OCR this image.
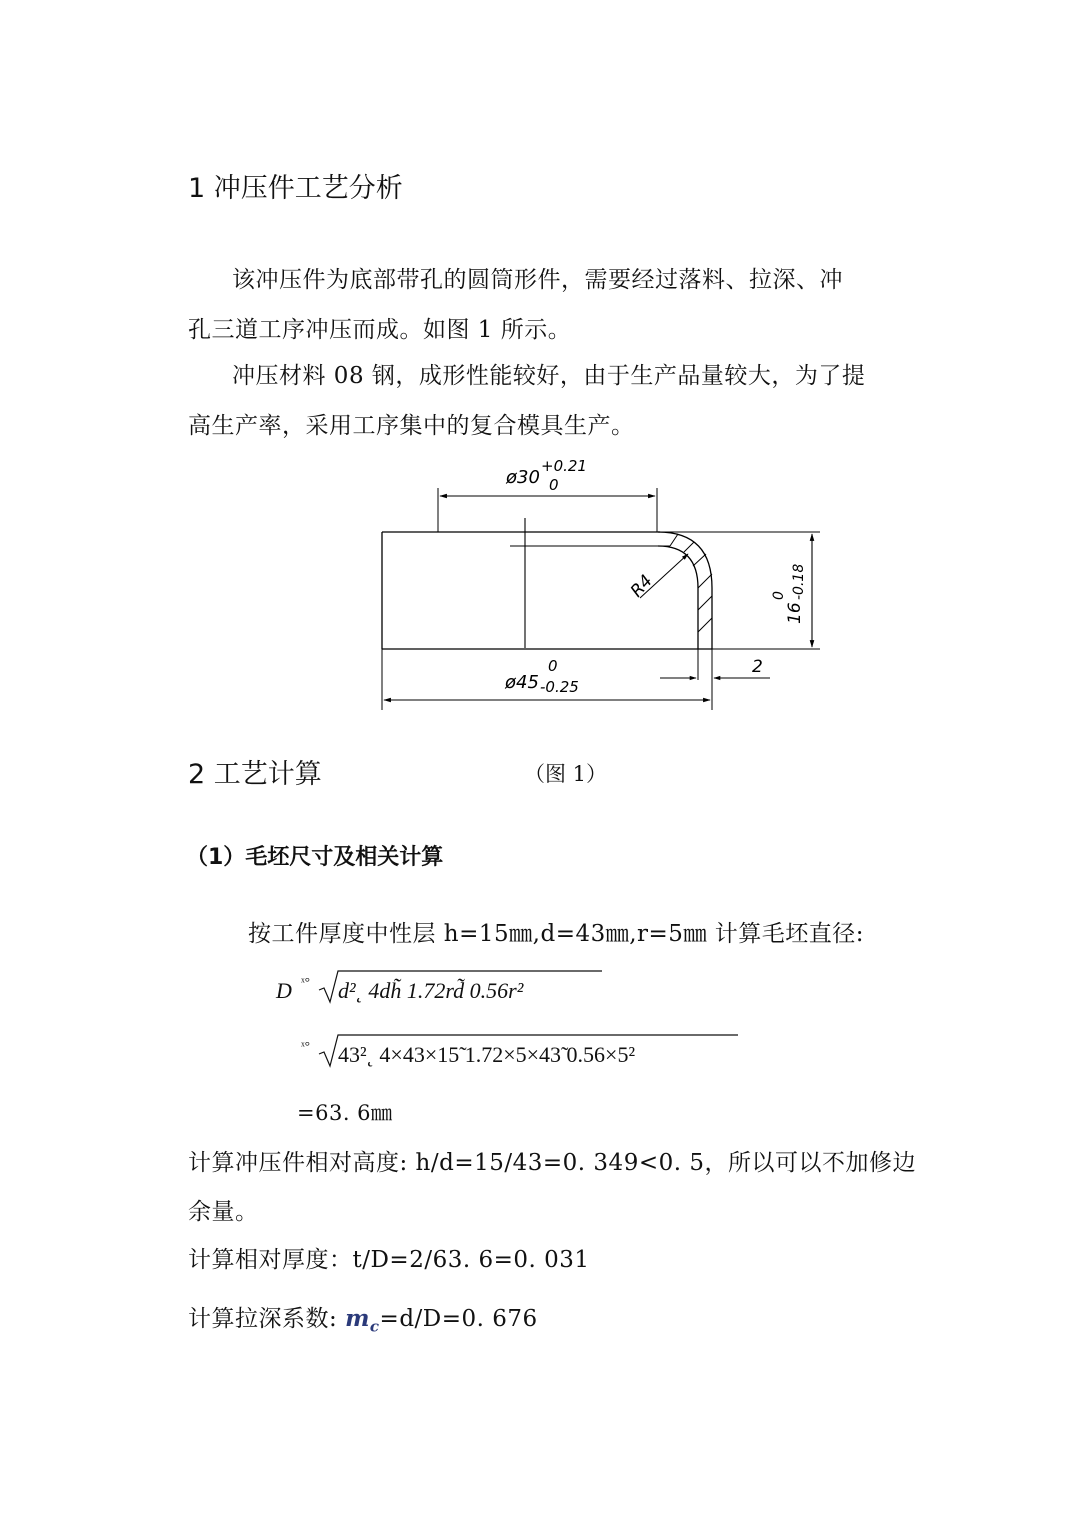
1 冲压件工艺分析
该冲压件为底部带孔的圆筒形件，需要经过落料、拉深、冲
孔三道工序冲压而成。如图 1 所示。
冲压材料 08 钢，成形性能较好，由于生产品量较大，为了提
高生产率，采用工序集中的复合模具生产。
R4
ø30
+0.21
0
16
0 -0.18
ø45
0
-0.25
2
2 工艺计算	（图 1）
（1）毛坯尺寸及相关计算
按工件厚度中性层 h=15㎜,d=43㎜,r=5㎜ 计算毛坯直径:
D ˣ° d²˛ 4dh̃ 1.72rd̃ 0.56r²
ˣ° 43²˛ 4×43×15̃ 1.72×5×43̃ 0.56×5²
=63. 6㎜
计算冲压件相对高度: h/d=15/43=0. 349<0. 5，所以可以不加修边
余量。
计算相对厚度：t/D=2/63. 6=0. 031
计算拉深系数: $m_c=d/D=0$. 676
